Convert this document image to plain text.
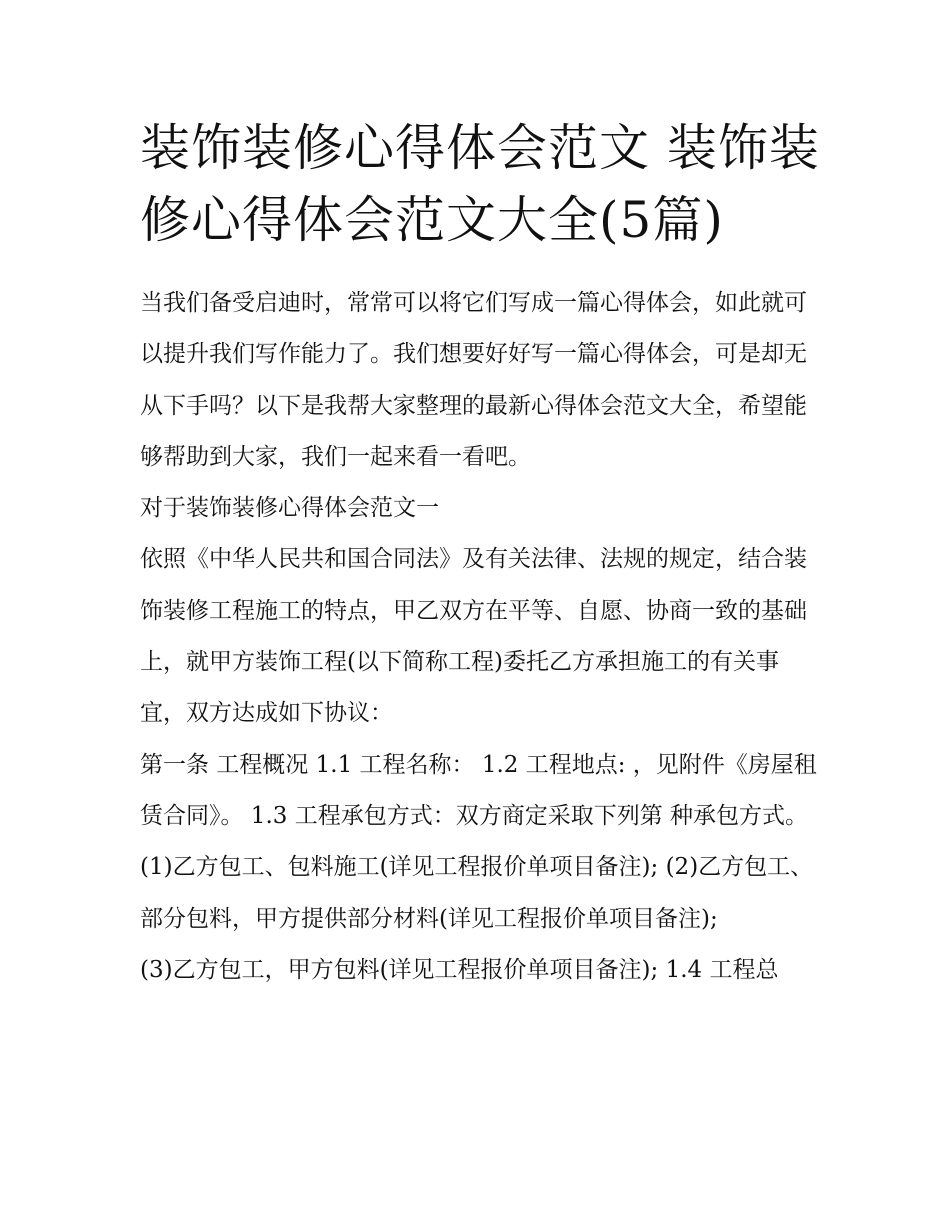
装饰装修心得体会范文 装饰装修心得体会范文大全(5篇)

当我们备受启迪时，常常可以将它们写成一篇心得体会，如此就可以提升我们写作能力了。我们想要好好写一篇心得体会，可是却无从下手吗？以下是我帮大家整理的最新心得体会范文大全，希望能够帮助到大家，我们一起来看一看吧。

对于装饰装修心得体会范文一

依照《中华人民共和国合同法》及有关法律、法规的规定，结合装饰装修工程施工的特点，甲乙双方在平等、自愿、协商一致的基础上，就甲方装饰工程(以下简称工程)委托乙方承担施工的有关事宜，双方达成如下协议：

第一条 工程概况 1.1 工程名称： 1.2 工程地点: ，见附件《房屋租赁合同》。 1.3 工程承包方式：双方商定采取下列第 种承包方式。

(1)乙方包工、包料施工(详见工程报价单项目备注); (2)乙方包工、部分包料，甲方提供部分材料(详见工程报价单项目备注);

(3)乙方包工，甲方包料(详见工程报价单项目备注); 1.4 工程总
